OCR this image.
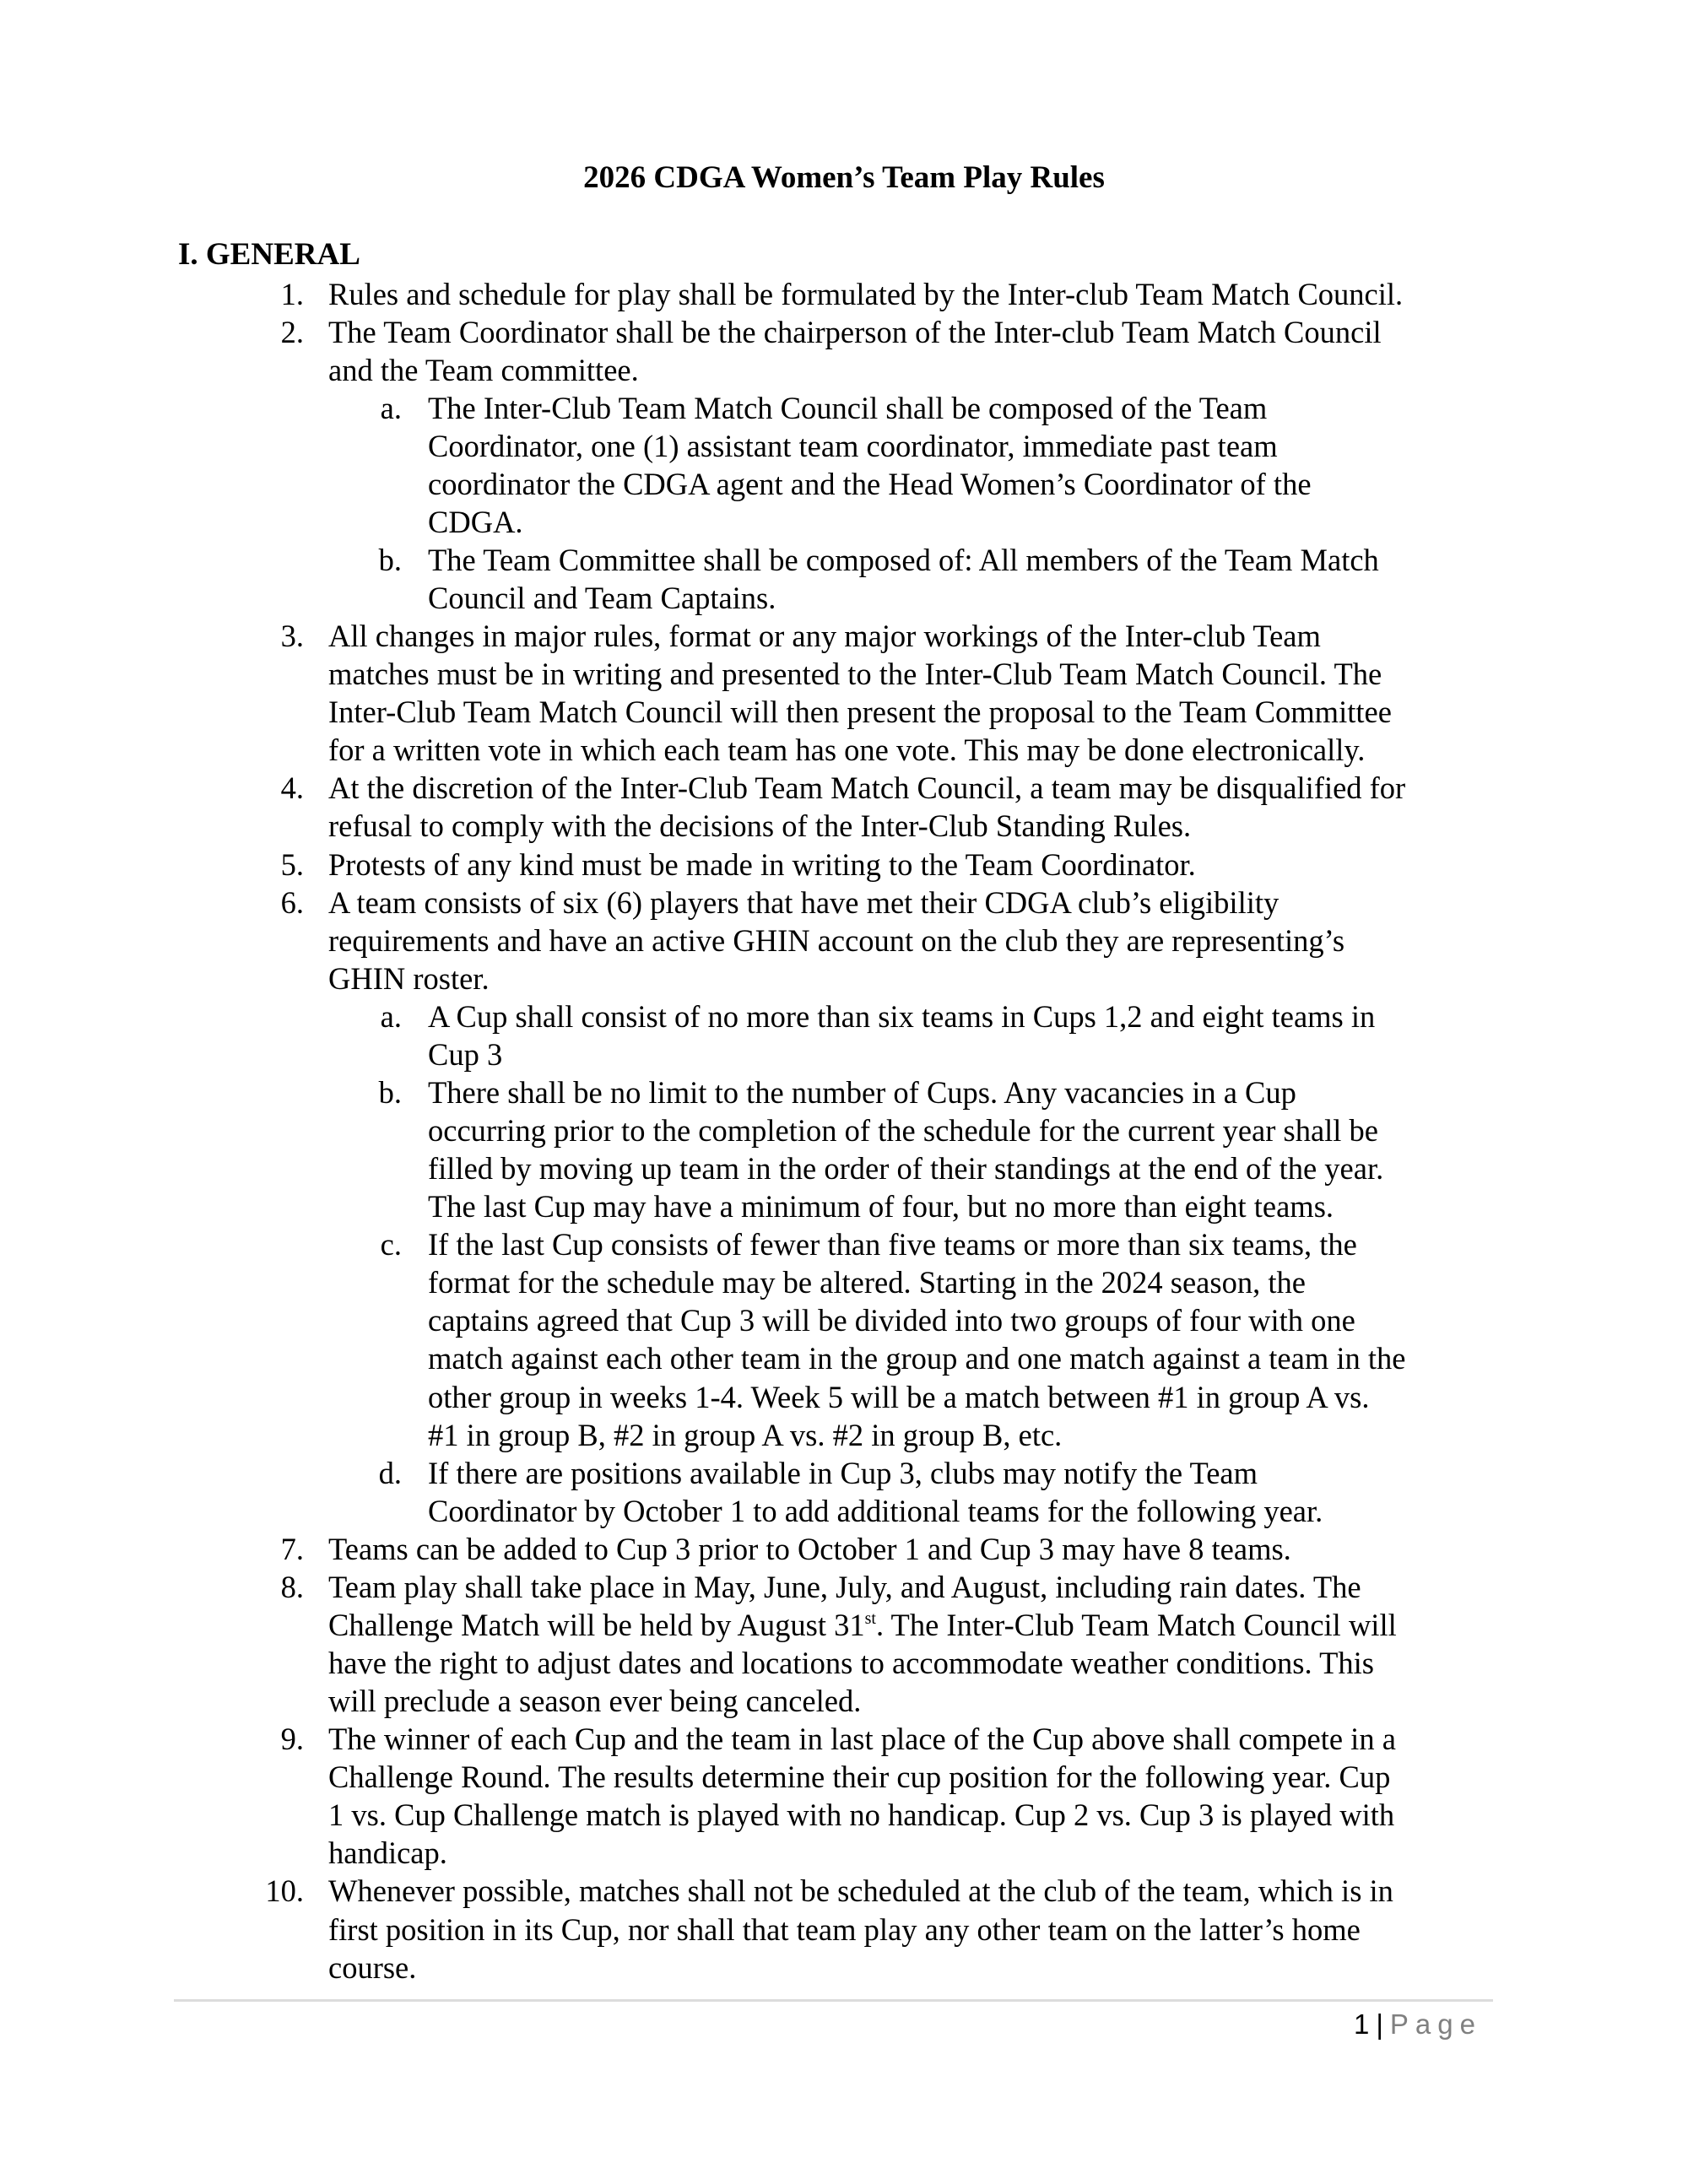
2026 CDGA Women’s Team Play Rules
I. GENERAL
1. Rules and schedule for play shall be formulated by the Inter-club Team Match Council.
2. The Team Coordinator shall be the chairperson of the Inter-club Team Match Council
and the Team committee.
a. The Inter-Club Team Match Council shall be composed of the Team
Coordinator, one (1) assistant team coordinator, immediate past team
coordinator the CDGA agent and the Head Women’s Coordinator of the
CDGA.
b. The Team Committee shall be composed of: All members of the Team Match
Council and Team Captains.
3. All changes in major rules, format or any major workings of the Inter-club Team
matches must be in writing and presented to the Inter-Club Team Match Council. The
Inter-Club Team Match Council will then present the proposal to the Team Committee
for a written vote in which each team has one vote. This may be done electronically.
4. At the discretion of the Inter-Club Team Match Council, a team may be disqualified for
refusal to comply with the decisions of the Inter-Club Standing Rules.
5. Protests of any kind must be made in writing to the Team Coordinator.
6. A team consists of six (6) players that have met their CDGA club’s eligibility
requirements and have an active GHIN account on the club they are representing’s
GHIN roster.
a. A Cup shall consist of no more than six teams in Cups 1,2 and eight teams in
Cup 3
b. There shall be no limit to the number of Cups. Any vacancies in a Cup
occurring prior to the completion of the schedule for the current year shall be
filled by moving up team in the order of their standings at the end of the year.
The last Cup may have a minimum of four, but no more than eight teams.
c. If the last Cup consists of fewer than five teams or more than six teams, the
format for the schedule may be altered. Starting in the 2024 season, the
captains agreed that Cup 3 will be divided into two groups of four with one
match against each other team in the group and one match against a team in the
other group in weeks 1-4. Week 5 will be a match between #1 in group A vs.
#1 in group B, #2 in group A vs. #2 in group B, etc.
d. If there are positions available in Cup 3, clubs may notify the Team
Coordinator by October 1 to add additional teams for the following year.
7. Teams can be added to Cup 3 prior to October 1 and Cup 3 may have 8 teams.
8. Team play shall take place in May, June, July, and August, including rain dates. The
Challenge Match will be held by August 31st. The Inter-Club Team Match Council will
have the right to adjust dates and locations to accommodate weather conditions. This
will preclude a season ever being canceled.
9. The winner of each Cup and the team in last place of the Cup above shall compete in a
Challenge Round. The results determine their cup position for the following year. Cup
1 vs. Cup Challenge match is played with no handicap. Cup 2 vs. Cup 3 is played with
handicap.
10. Whenever possible, matches shall not be scheduled at the club of the team, which is in
first position in its Cup, nor shall that team play any other team on the latter’s home
course.
1 | Page
